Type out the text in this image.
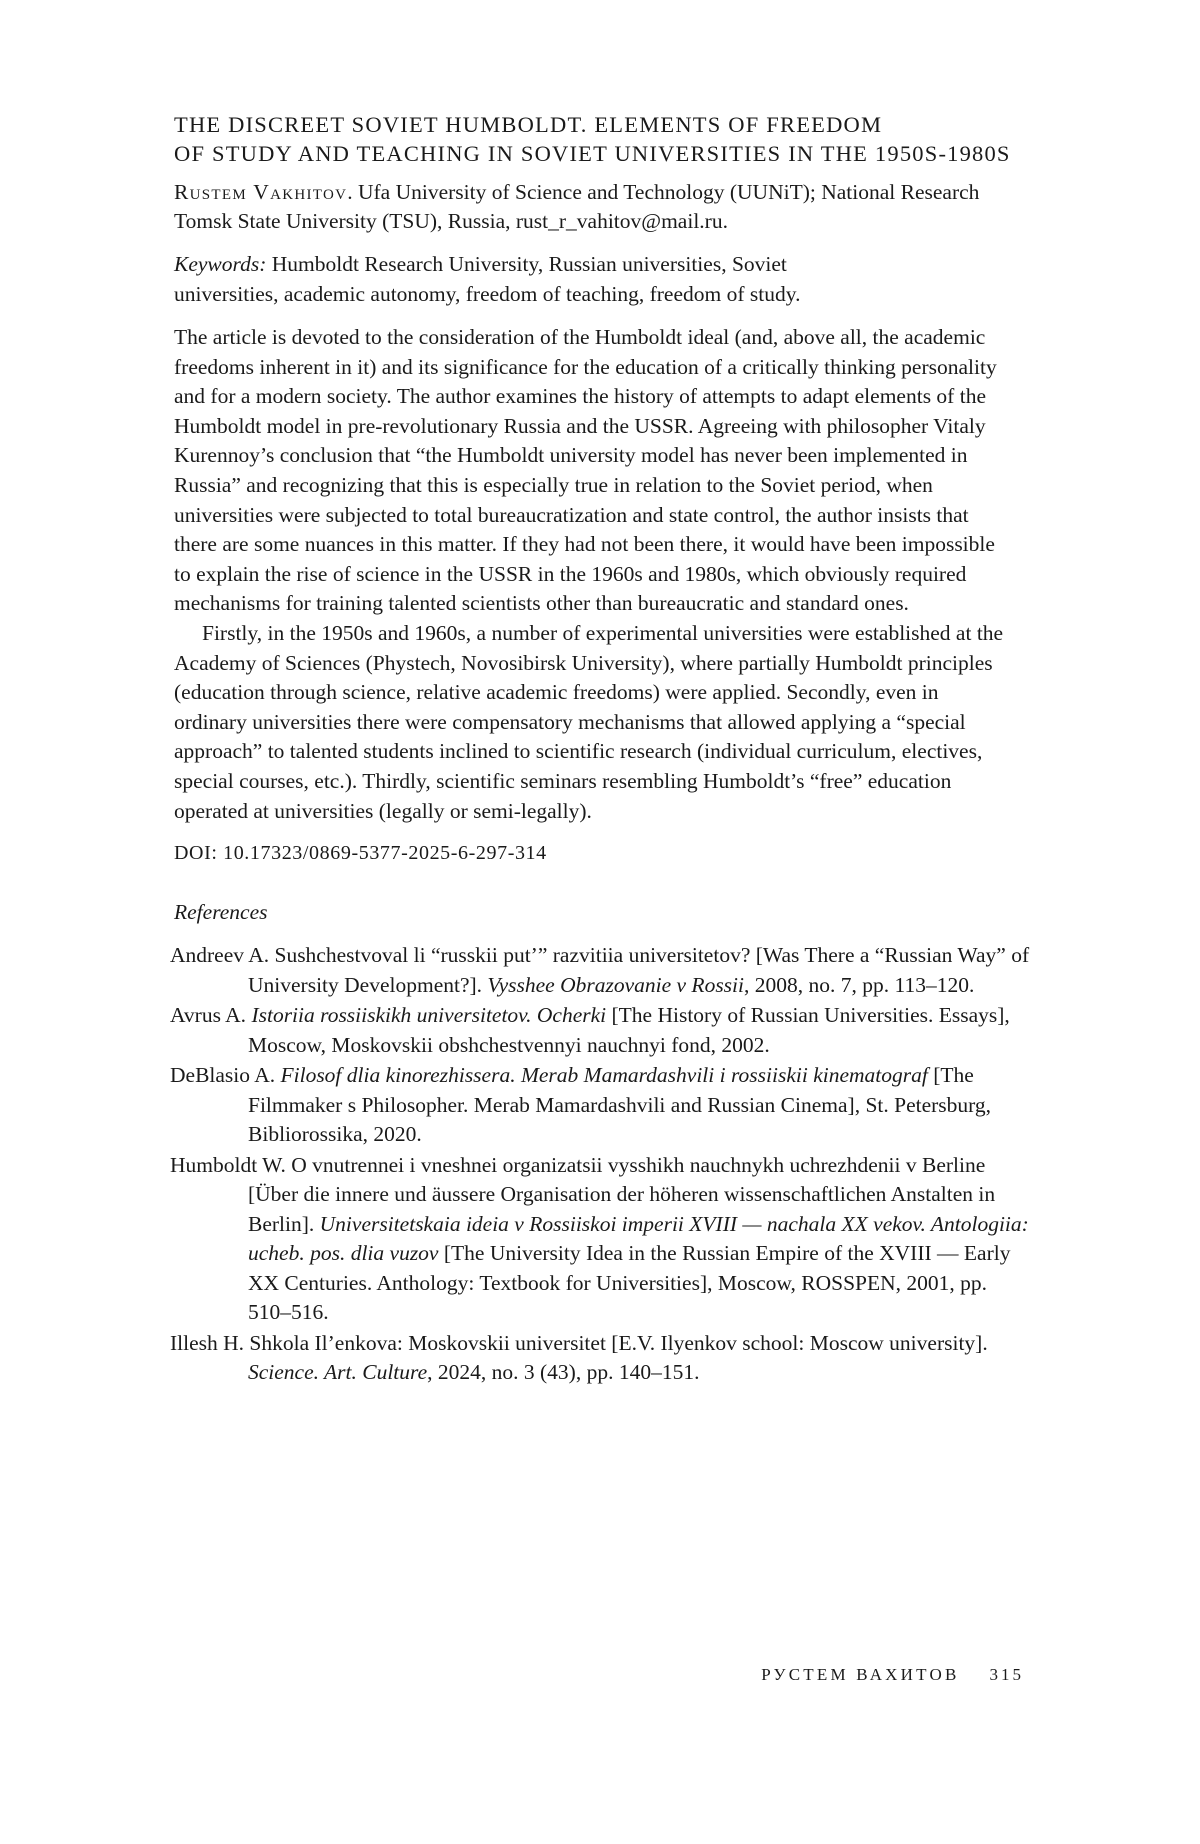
THE DISCREET SOVIET HUMBOLDT. ELEMENTS OF FREEDOM
OF STUDY AND TEACHING IN SOVIET UNIVERSITIES IN THE 1950S-1980S
Rustem Vakhitov. Ufa University of Science and Technology (UUNiT); National Research Tomsk State University (TSU), Russia, rust_r_vahitov@mail.ru.
Keywords: Humboldt Research University, Russian universities, Soviet universities, academic autonomy, freedom of teaching, freedom of study.

The article is devoted to the consideration of the Humboldt ideal (and, above all, the academic freedoms inherent in it) and its significance for the education of a critically thinking personality and for a modern society. The author examines the history of attempts to adapt elements of the Humboldt model in pre-revolutionary Russia and the USSR. Agreeing with philosopher Vitaly Kurennoy’s conclusion that “the Humboldt university model has never been implemented in Russia” and recognizing that this is especially true in relation to the Soviet period, when universities were subjected to total bureaucratization and state control, the author insists that there are some nuances in this matter. If they had not been there, it would have been impossible to explain the rise of science in the USSR in the 1960s and 1980s, which obviously required mechanisms for training talented scientists other than bureaucratic and standard ones.

Firstly, in the 1950s and 1960s, a number of experimental universities were established at the Academy of Sciences (Phystech, Novosibirsk University), where partially Humboldt principles (education through science, relative academic freedoms) were applied. Secondly, even in ordinary universities there were compensatory mechanisms that allowed applying a “special approach” to talented students inclined to scientific research (individual curriculum, electives, special courses, etc.). Thirdly, scientific seminars resembling Humboldt’s “free” education operated at universities (legally or semi-legally).

DOI: 10.17323/0869-5377-2025-6-297-314
References
Andreev A. Sushchestvoval li “russkii put’” razvitiia universitetov? [Was There a “Russian Way” of University Development?]. Vysshee Obrazovanie v Rossii, 2008, no. 7, pp. 113–120.
Avrus A. Istoriia rossiiskikh universitetov. Ocherki [The History of Russian Universities. Essays], Moscow, Moskovskii obshchestvennyi nauchnyi fond, 2002.
DeBlasio A. Filosof dlia kinorezhissera. Merab Mamardashvili i rossiiskii kinematograf [The Filmmaker s Philosopher. Merab Mamardashvili and Russian Cinema], St. Petersburg, Bibliorossika, 2020.
Humboldt W. O vnutrennei i vneshnei organizatsii vysshikh nauchnykh uchrezhdenii v Berline [Über die innere und äussere Organisation der höheren wissenschaftlichen Anstalten in Berlin]. Universitetskaia ideia v Rossiiskoi imperii XVIII — nachala XX vekov. Antologiia: ucheb. pos. dlia vuzov [The University Idea in the Russian Empire of the XVIII — Early XX Centuries. Anthology: Textbook for Universities], Moscow, ROSSPEN, 2001, pp. 510–516.
Illesh H. Shkola Il’enkova: Moskovskii universitet [E.V. Ilyenkov school: Moscow university]. Science. Art. Culture, 2024, no. 3 (43), pp. 140–151.
РУСТЕМ ВАХИТОВ 315
